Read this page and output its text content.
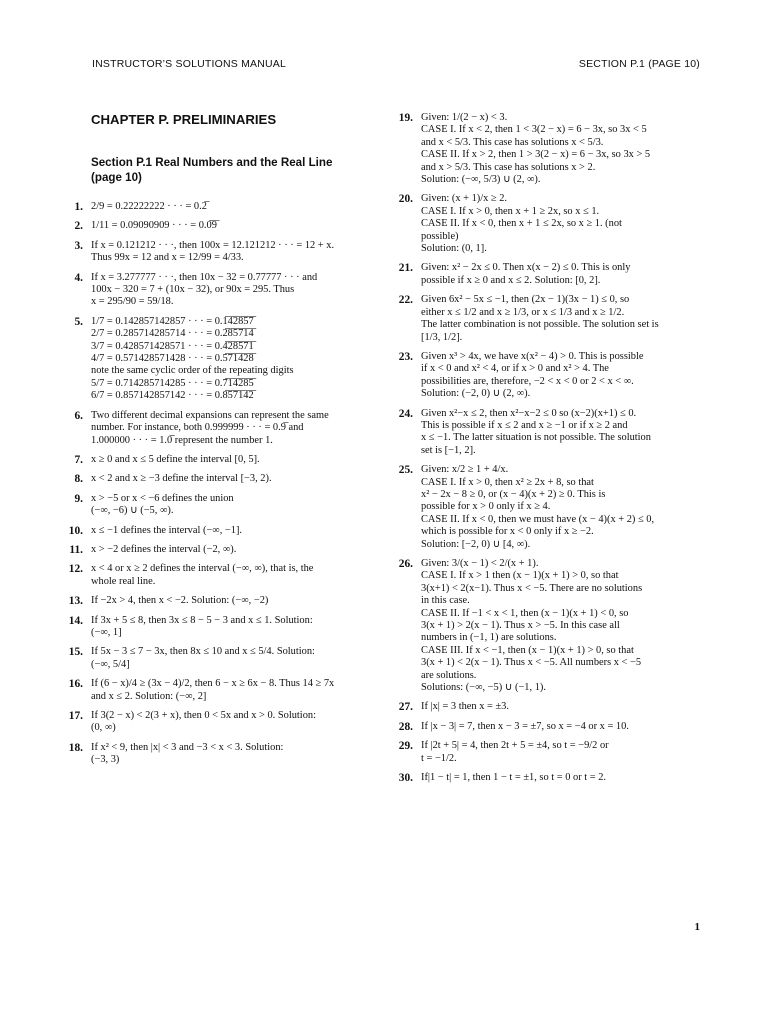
INSTRUCTOR’S SOLUTIONS MANUAL	SECTION P.1 (PAGE 10)
CHAPTER P. PRELIMINARIES
Section P.1 Real Numbers and the Real Line
(page 10)
1. 2/9 = 0.22222222 · · · = 0.2̅
2. 1/11 = 0.09090909 · · · = 0.0̅9̅
3. If x = 0.121212 · · ·, then 100x = 12.121212 · · · = 12 + x.
Thus 99x = 12 and x = 12/99 = 4/33.
4. If x = 3.277777 · · ·, then 10x − 32 = 0.77777 · · · and
100x − 320 = 7 + (10x − 32), or 90x = 295. Thus
x = 295/90 = 59/18.
5. 1/7 = 0.142857142857 · · · = 0.1̅4̅2̅8̅5̅7̅
2/7 = 0.285714285714 · · · = 0.2̅8̅5̅7̅1̅4̅
3/7 = 0.428571428571 · · · = 0.4̅2̅8̅5̅7̅1̅
4/7 = 0.571428571428 · · · = 0.5̅7̅1̅4̅2̅8̅
note the same cyclic order of the repeating digits
5/7 = 0.714285714285 · · · = 0.7̅1̅4̅2̅8̅5̅
6/7 = 0.857142857142 · · · = 0.8̅5̅7̅1̅4̅2̅
6. Two different decimal expansions can represent the same
number. For instance, both 0.999999 · · · = 0.9̅ and
1.000000 · · · = 1.0̅ represent the number 1.
7. x ≥ 0 and x ≤ 5 define the interval [0, 5].
8. x < 2 and x ≥ −3 define the interval [−3, 2).
9. x > −5 or x < −6 defines the union
(−∞, −6) ∪ (−5, ∞).
10. x ≤ −1 defines the interval (−∞, −1].
11. x > −2 defines the interval (−2, ∞).
12. x < 4 or x ≥ 2 defines the interval (−∞, ∞), that is, the
whole real line.
13. If −2x > 4, then x < −2. Solution: (−∞, −2)
14. If 3x + 5 ≤ 8, then 3x ≤ 8 − 5 − 3 and x ≤ 1. Solution:
(−∞, 1]
15. If 5x − 3 ≤ 7 − 3x, then 8x ≤ 10 and x ≤ 5/4. Solution:
(−∞, 5/4]
16. If (6 − x)/4 ≥ (3x − 4)/2, then 6 − x ≥ 6x − 8. Thus 14 ≥ 7x
and x ≤ 2. Solution: (−∞, 2]
17. If 3(2 − x) < 2(3 + x), then 0 < 5x and x > 0. Solution:
(0, ∞)
18. If x² < 9, then |x| < 3 and −3 < x < 3. Solution:
(−3, 3)
19. Given: 1/(2 − x) < 3.
CASE I. If x < 2, then 1 < 3(2 − x) = 6 − 3x, so 3x < 5
and x < 5/3. This case has solutions x < 5/3.
CASE II. If x > 2, then 1 > 3(2 − x) = 6 − 3x, so 3x > 5
and x > 5/3. This case has solutions x > 2.
Solution: (−∞, 5/3) ∪ (2, ∞).
20. Given: (x + 1)/x ≥ 2.
CASE I. If x > 0, then x + 1 ≥ 2x, so x ≤ 1.
CASE II. If x < 0, then x + 1 ≤ 2x, so x ≥ 1. (not
possible)
Solution: (0, 1].
21. Given: x² − 2x ≤ 0. Then x(x − 2) ≤ 0. This is only
possible if x ≥ 0 and x ≤ 2. Solution: [0, 2].
22. Given 6x² − 5x ≤ −1, then (2x − 1)(3x − 1) ≤ 0, so
either x ≤ 1/2 and x ≥ 1/3, or x ≤ 1/3 and x ≥ 1/2.
The latter combination is not possible. The solution set is
[1/3, 1/2].
23. Given x³ > 4x, we have x(x² − 4) > 0. This is possible
if x < 0 and x² < 4, or if x > 0 and x² > 4. The
possibilities are, therefore, −2 < x < 0 or 2 < x < ∞.
Solution: (−2, 0) ∪ (2, ∞).
24. Given x²−x ≤ 2, then x²−x−2 ≤ 0 so (x−2)(x+1) ≤ 0.
This is possible if x ≤ 2 and x ≥ −1 or if x ≥ 2 and
x ≤ −1. The latter situation is not possible. The solution
set is [−1, 2].
25. Given: x/2 ≥ 1 + 4/x.
CASE I. If x > 0, then x² ≥ 2x + 8, so that
x² − 2x − 8 ≥ 0, or (x − 4)(x + 2) ≥ 0. This is
possible for x > 0 only if x ≥ 4.
CASE II. If x < 0, then we must have (x − 4)(x + 2) ≤ 0,
which is possible for x < 0 only if x ≥ −2.
Solution: [−2, 0) ∪ [4, ∞).
26. Given: 3/(x − 1) < 2/(x + 1).
CASE I. If x > 1 then (x − 1)(x + 1) > 0, so that
3(x+1) < 2(x−1). Thus x < −5. There are no solutions
in this case.
CASE II. If −1 < x < 1, then (x − 1)(x + 1) < 0, so
3(x + 1) > 2(x − 1). Thus x > −5. In this case all
numbers in (−1, 1) are solutions.
CASE III. If x < −1, then (x − 1)(x + 1) > 0, so that
3(x + 1) < 2(x − 1). Thus x < −5. All numbers x < −5
are solutions.
Solutions: (−∞, −5) ∪ (−1, 1).
27. If |x| = 3 then x = ±3.
28. If |x − 3| = 7, then x − 3 = ±7, so x = −4 or x = 10.
29. If |2t + 5| = 4, then 2t + 5 = ±4, so t = −9/2 or
t = −1/2.
30. If|1 − t| = 1, then 1 − t = ±1, so t = 0 or t = 2.
1
